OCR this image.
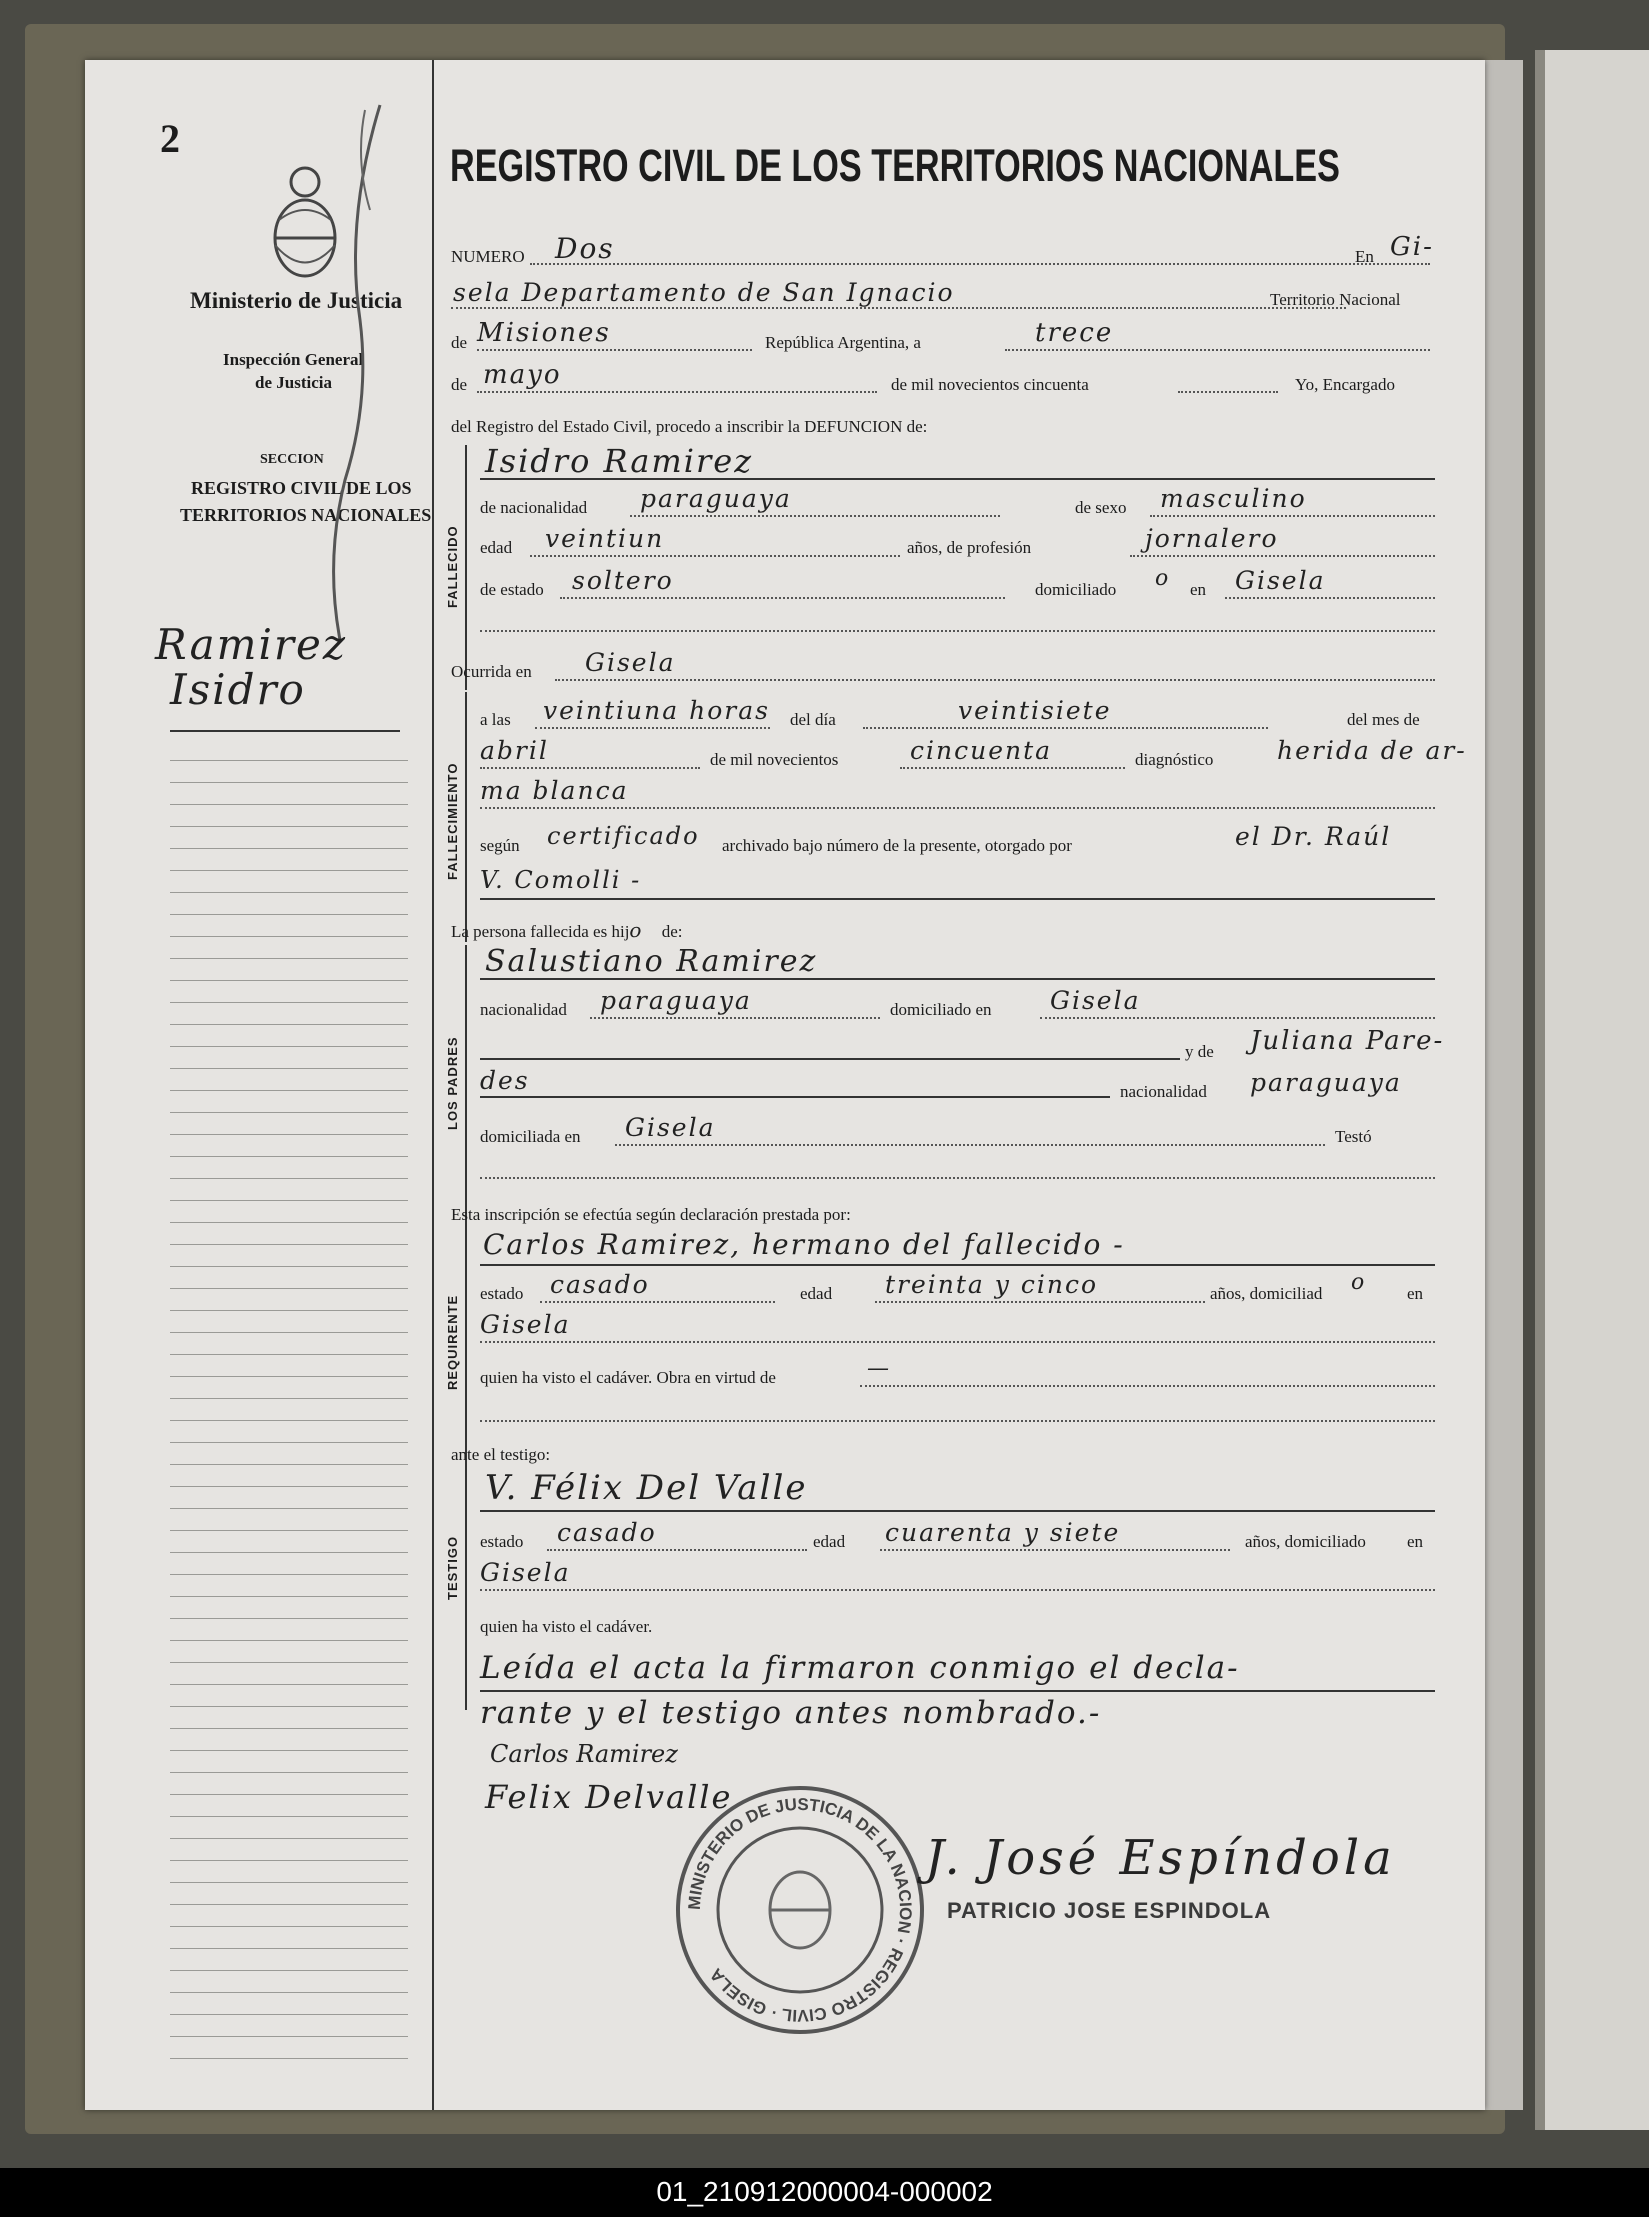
2
Ministerio de Justicia
Inspección General
de Justicia
SECCION
REGISTRO CIVIL DE LOS
TERRITORIOS NACIONALES
Ramirez
Isidro
REGISTRO CIVIL DE LOS TERRITORIOS NACIONALES
NUMERO Dos	En Gi-
sela Departamento de San Ignacio	Territorio Nacional
de Misiones	República Argentina, a	trece
de mayo	de mil novecientos cincuenta	Yo, Encargado
del Registro del Estado Civil, procedo a inscribir la DEFUNCION de:
FALLECIDO
Isidro Ramirez
de nacionalidad paraguaya	de sexo masculino
edad veintiun	años, de profesión	jornalero
de estado soltero	domiciliado o en Gisela
Ocurrida en Gisela
FALLECIMIENTO
a las veintiuna horas del día	veintisiete	del mes de
abril	de mil novecientos	cincuenta	diagnóstico	herida de ar-
ma blanca
según certificado archivado bajo número de la presente, otorgado por	el Dr. Raúl
V. Comolli -
La persona fallecida es hijo de:
LOS PADRES
Salustiano Ramirez
nacionalidad paraguaya	domiciliado en Gisela
y de Juliana Pare-
des	nacionalidad paraguaya
domiciliada en Gisela	Testó
Esta inscripción se efectúa según declaración prestada por:
REQUIRENTE
Carlos Ramirez, hermano del fallecido -
estado casado	edad treinta y cinco	años, domiciliad o en
Gisela
quien ha visto el cadáver. Obra en virtud de	—
ante el testigo:
TESTIGO
V. Félix Del Valle
estado casado	edad cuarenta y siete	años, domiciliado en
Gisela
quien ha visto el cadáver.
Leída el acta la firmaron conmigo el decla-
rante y el testigo antes nombrado.-
Carlos Ramirez
Felix Delvalle
MINISTERIO DE JUSTICIA DE LA NACION · REGISTRO CIVIL · GISELA
J. José Espíndola
PATRICIO JOSE ESPINDOLA
01_210912000004-000002
